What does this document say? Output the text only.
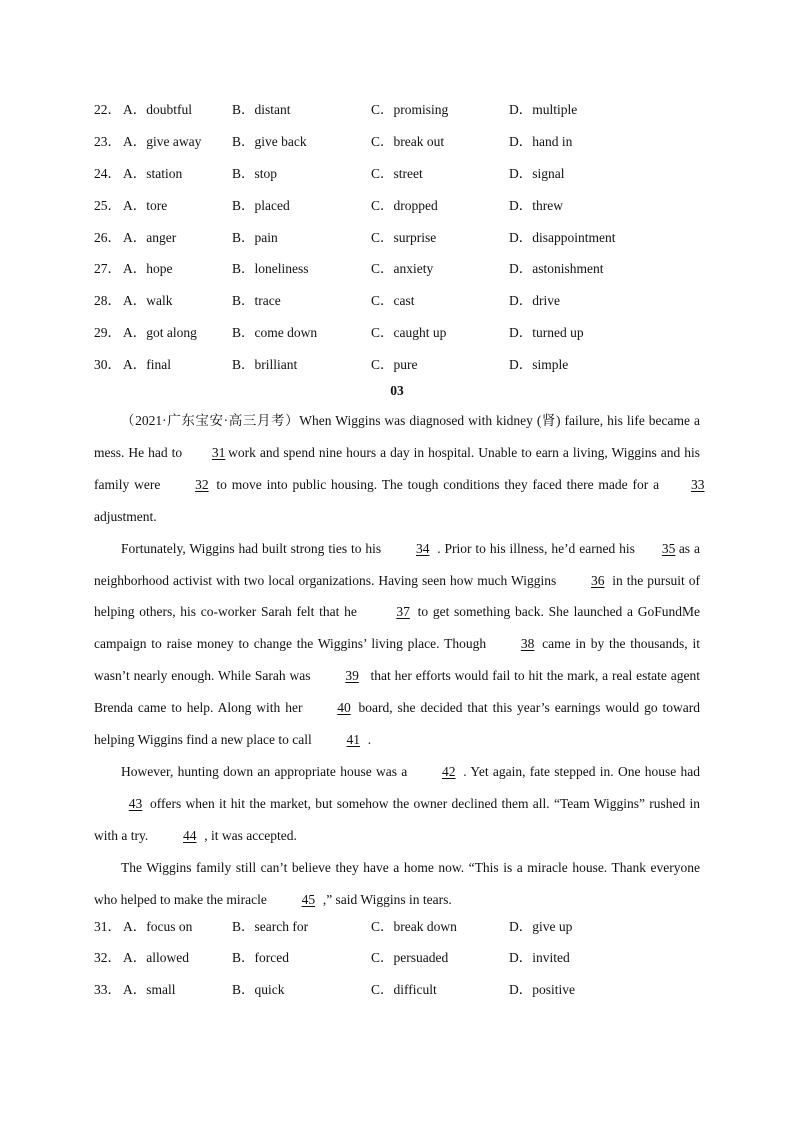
22． A．doubtful	B．distant	C．promising	D．multiple
23． A．give away B．give back	C．break out	D．hand in
24． A．station	B．stop	C．street	D．signal
25． A．tore	B．placed	C．dropped	D．threw
26． A．anger	B．pain	C．surprise	D．disappointment
27． A．hope	B．loneliness	C．anxiety	D．astonishment
28． A．walk	B．trace	C．cast	D．drive
29． A．got along	B．come down	C．caught up	D．turned up
30． A．final	B．brilliant	C．pure	D．simple
03

（2021·广东宝安·高三月考）When Wiggins was diagnosed with kidney (肾) failure, his life became a mess. He had to 31 work and spend nine hours a day in hospital. Unable to earn a living, Wiggins and his family were	32 to move into public housing. The tough conditions they faced there made for a 33adjustment.

Fortunately, Wiggins had built strong ties to his	34 . Prior to his illness, he’d earned his 35 as a neighborhood activist with two local organizations. Having seen how much Wiggins	36 in the pursuit of helping others, his co-worker Sarah felt that he	37 to get something back. She launched a GoFundMe campaign to raise money to change the Wiggins’ living place. Though	38 came in by the thousands, it wasn’t nearly enough. While Sarah was	39 that her efforts would fail to hit the mark, a real estate agent Brenda came to help. Along with her	40 board, she decided that this year’s earnings would go toward helping Wiggins find a new place to call	41 .

However, hunting down an appropriate house was a	42 . Yet again, fate stepped in. One house had43 offers when it hit the market, but somehow the owner declined them all. “Team Wiggins” rushed in with a try.	44 , it was accepted.

The Wiggins family still can’t believe they have a home now. “This is a miracle house. Thank everyone who helped to make the miracle	45 ,” said Wiggins in tears.

31． A．focus on	B．search for	C．break down	D．give up
32． A．allowed	B．forced	C．persuaded	D．invited
33． A．small	B．quick	C．difficult	D．positive
